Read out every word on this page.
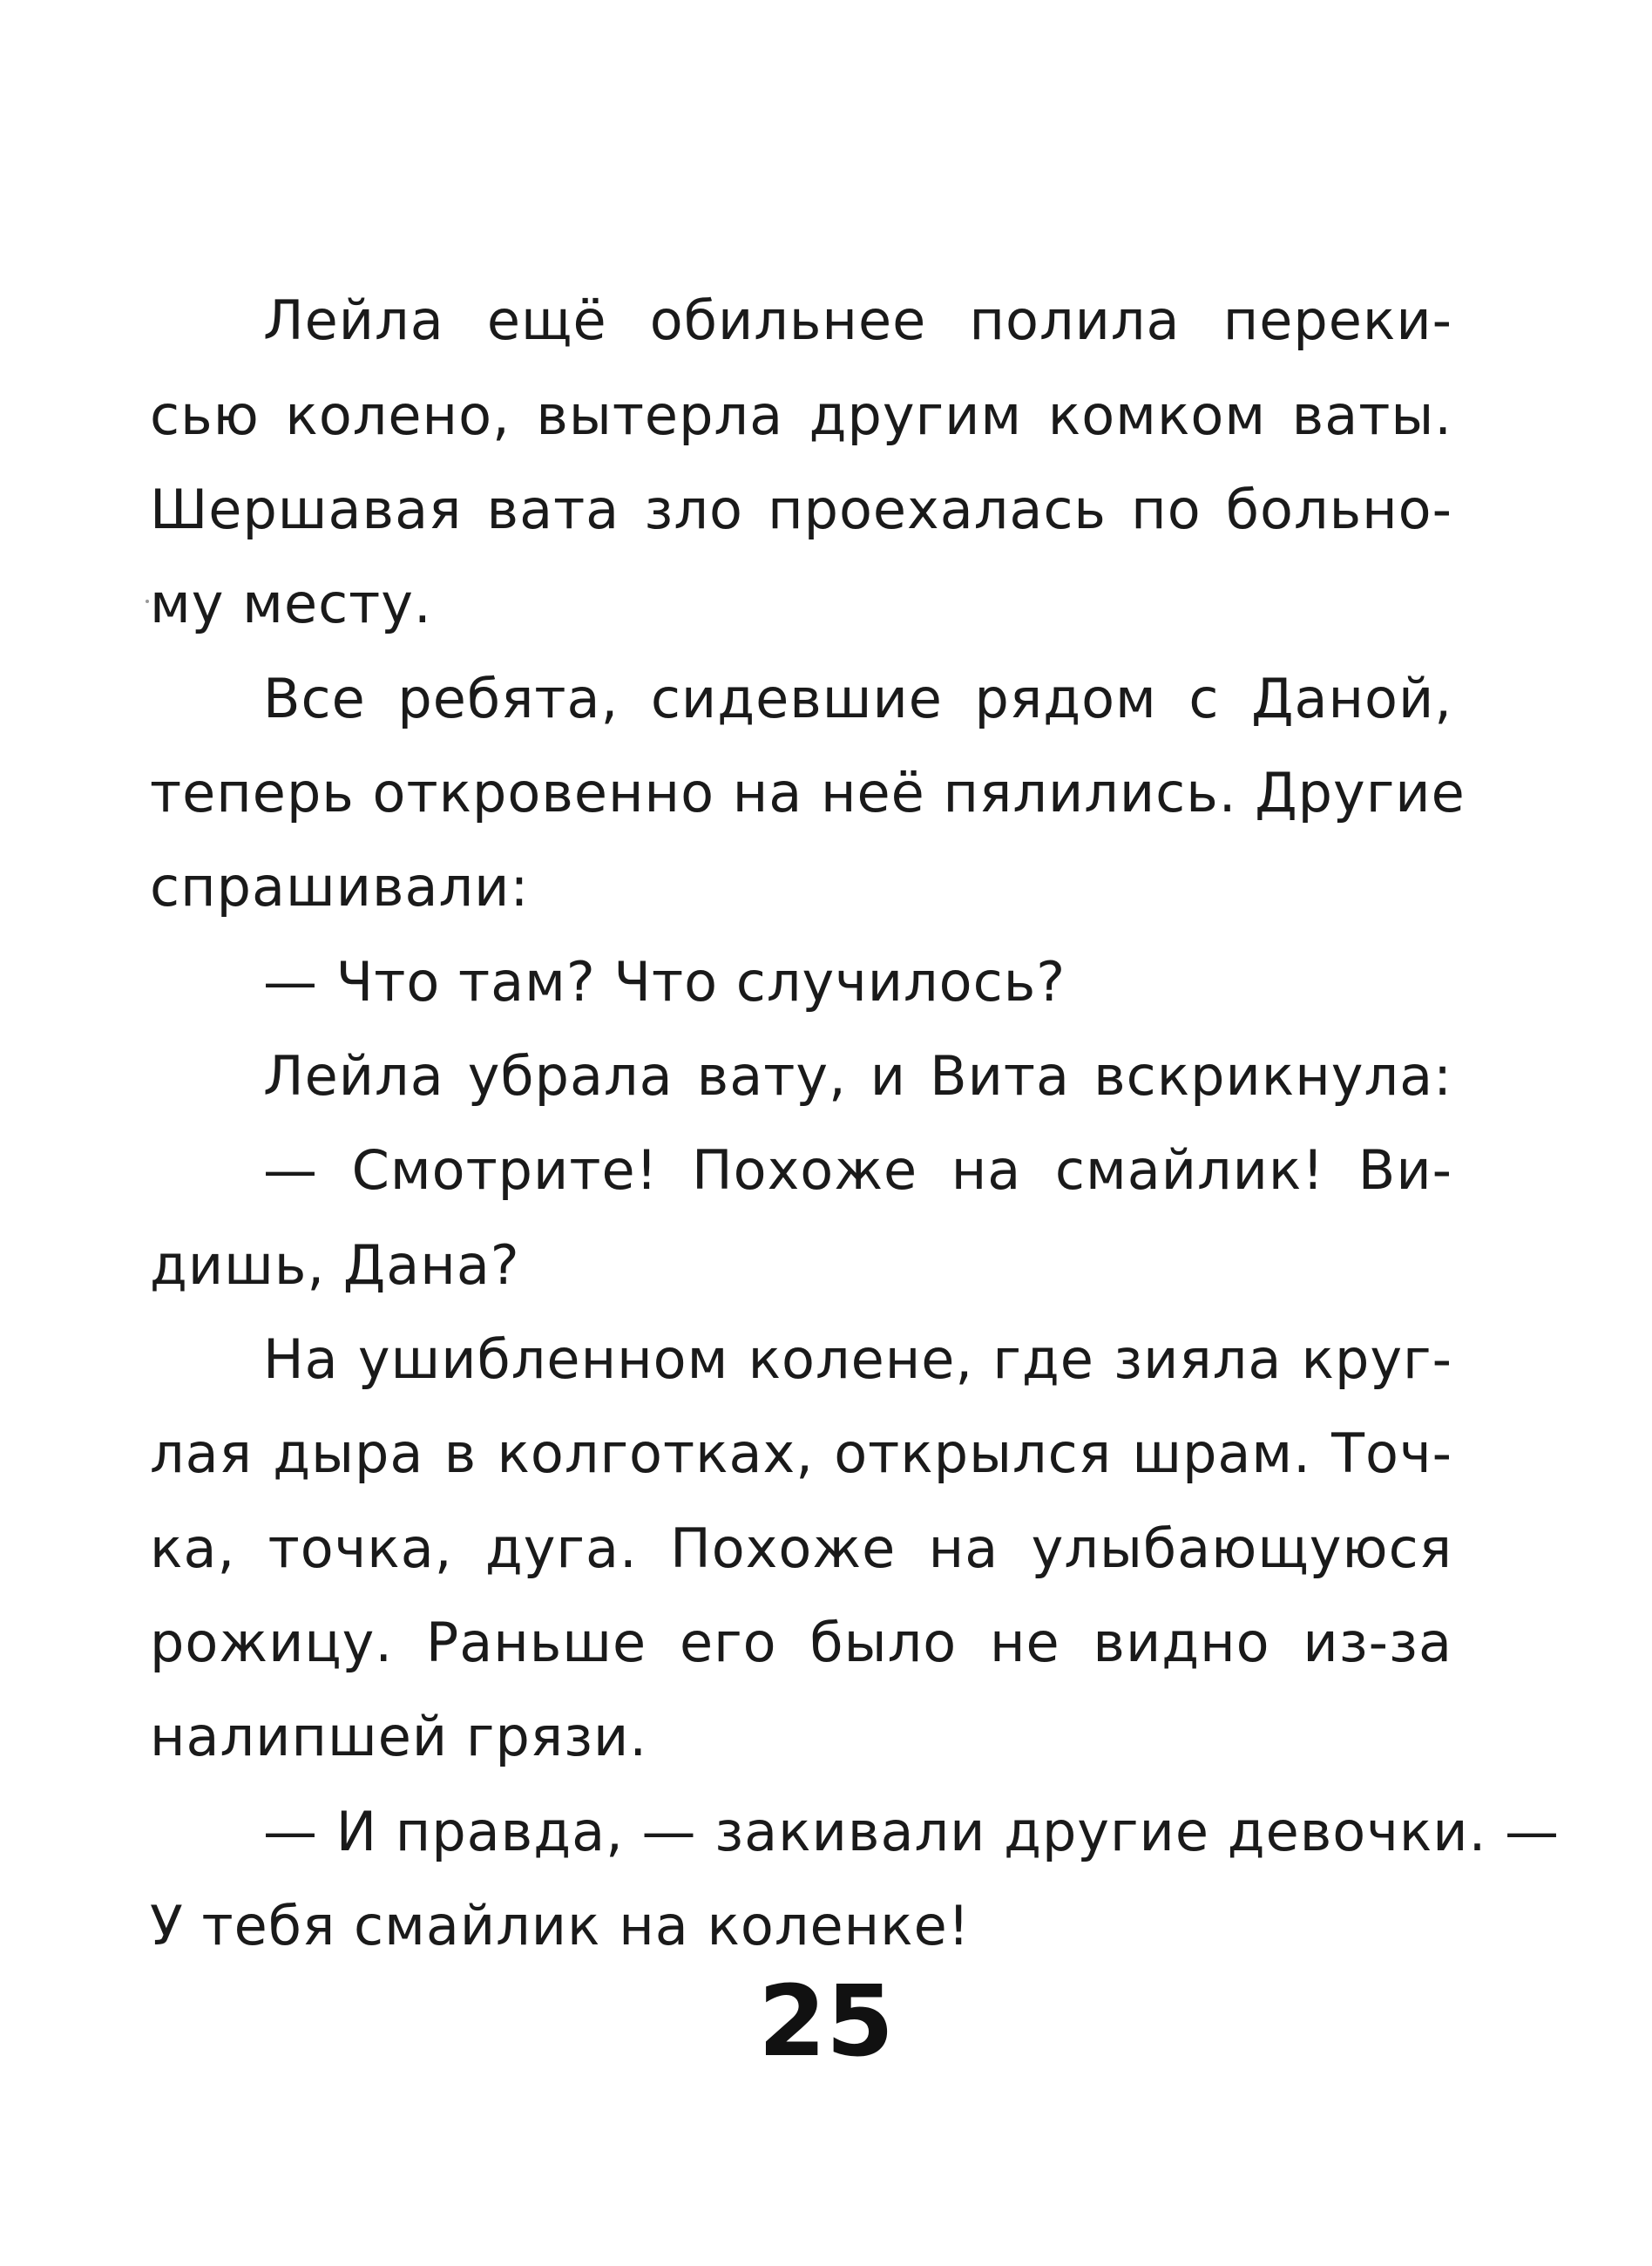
Лейла ещё обильнее полила переки-
сью колено, вытерла другим комком ваты.
Шершавая вата зло проехалась по больно-
му месту.
Все ребята, сидевшие рядом с Даной,
теперь откровенно на неё пялились. Другие
спрашивали:
— Что там? Что случилось?
Лейла убрала вату, и Вита вскрикнула:
— Смотрите! Похоже на смайлик! Ви-
дишь, Дана?
На ушибленном колене, где зияла круг-
лая дыра в колготках, открылся шрам. Точ-
ка, точка, дуга. Похоже на улыбающуюся
рожицу. Раньше его было не видно из-за
налипшей грязи.
— И правда, — закивали другие девочки. —
У тебя смайлик на коленке!
25
